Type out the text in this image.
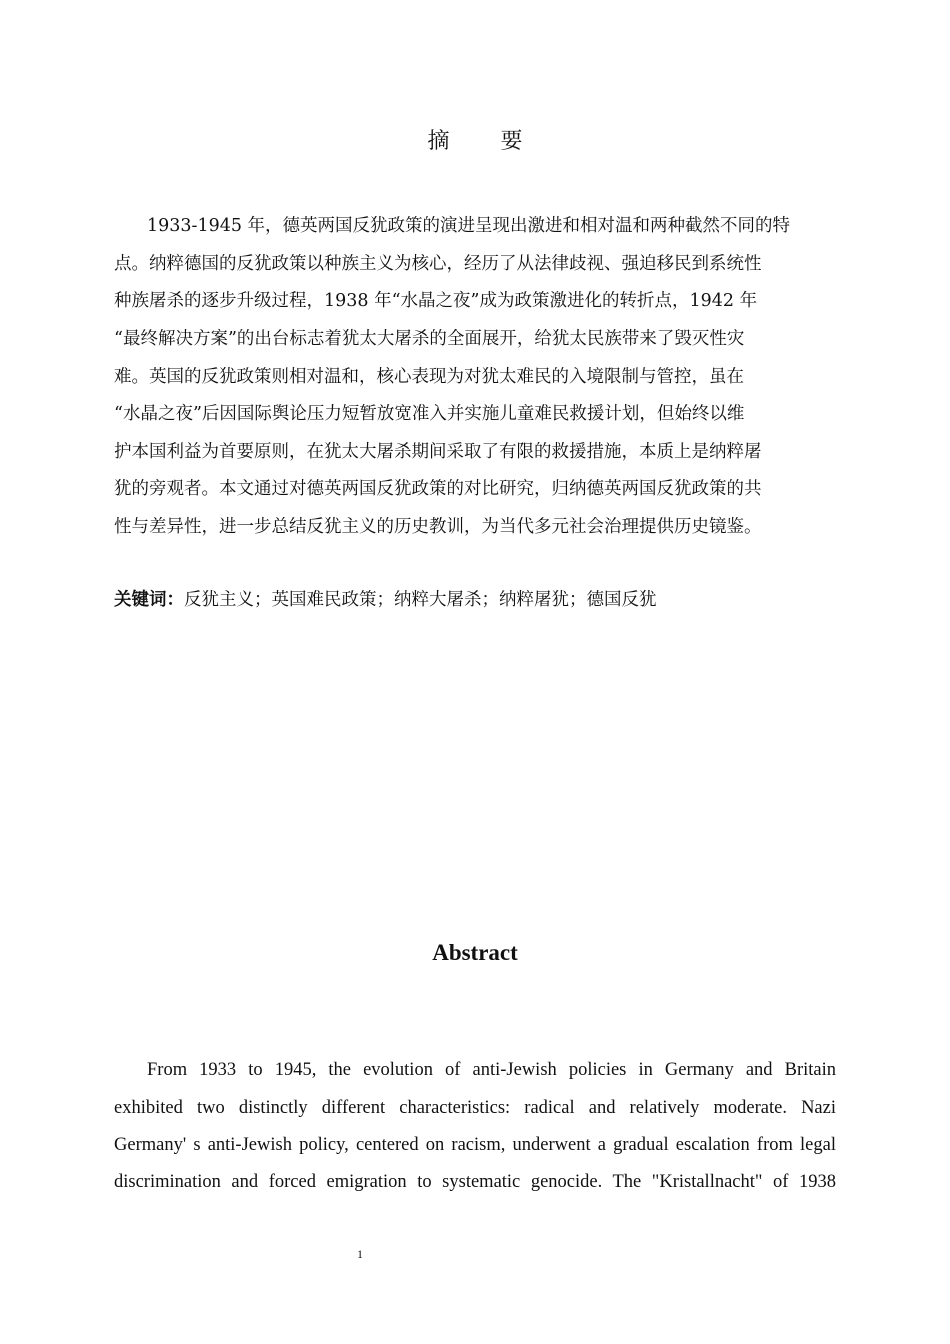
摘 要
1933-1945 年，德英两国反犹政策的演进呈现出激进和相对温和两种截然不同的特
点。纳粹德国的反犹政策以种族主义为核心，经历了从法律歧视、强迫移民到系统性
种族屠杀的逐步升级过程，1938 年“水晶之夜”成为政策激进化的转折点，1942 年
“最终解决方案”的出台标志着犹太大屠杀的全面展开，给犹太民族带来了毁灭性灾
难。英国的反犹政策则相对温和，核心表现为对犹太难民的入境限制与管控，虽在
“水晶之夜”后因国际舆论压力短暂放宽准入并实施儿童难民救援计划，但始终以维
护本国利益为首要原则，在犹太大屠杀期间采取了有限的救援措施，本质上是纳粹屠
犹的旁观者。本文通过对德英两国反犹政策的对比研究，归纳德英两国反犹政策的共
性与差异性，进一步总结反犹主义的历史教训，为当代多元社会治理提供历史镜鉴。
关键词：反犹主义；英国难民政策；纳粹大屠杀；纳粹屠犹；德国反犹
Abstract
From 1933 to 1945, the evolution of anti-Jewish policies in Germany and Britain
exhibited two distinctly different characteristics: radical and relatively moderate. Nazi
Germany' s anti-Jewish policy, centered on racism, underwent a gradual escalation from legal
discrimination and forced emigration to systematic genocide. The "Kristallnacht" of 1938
1
